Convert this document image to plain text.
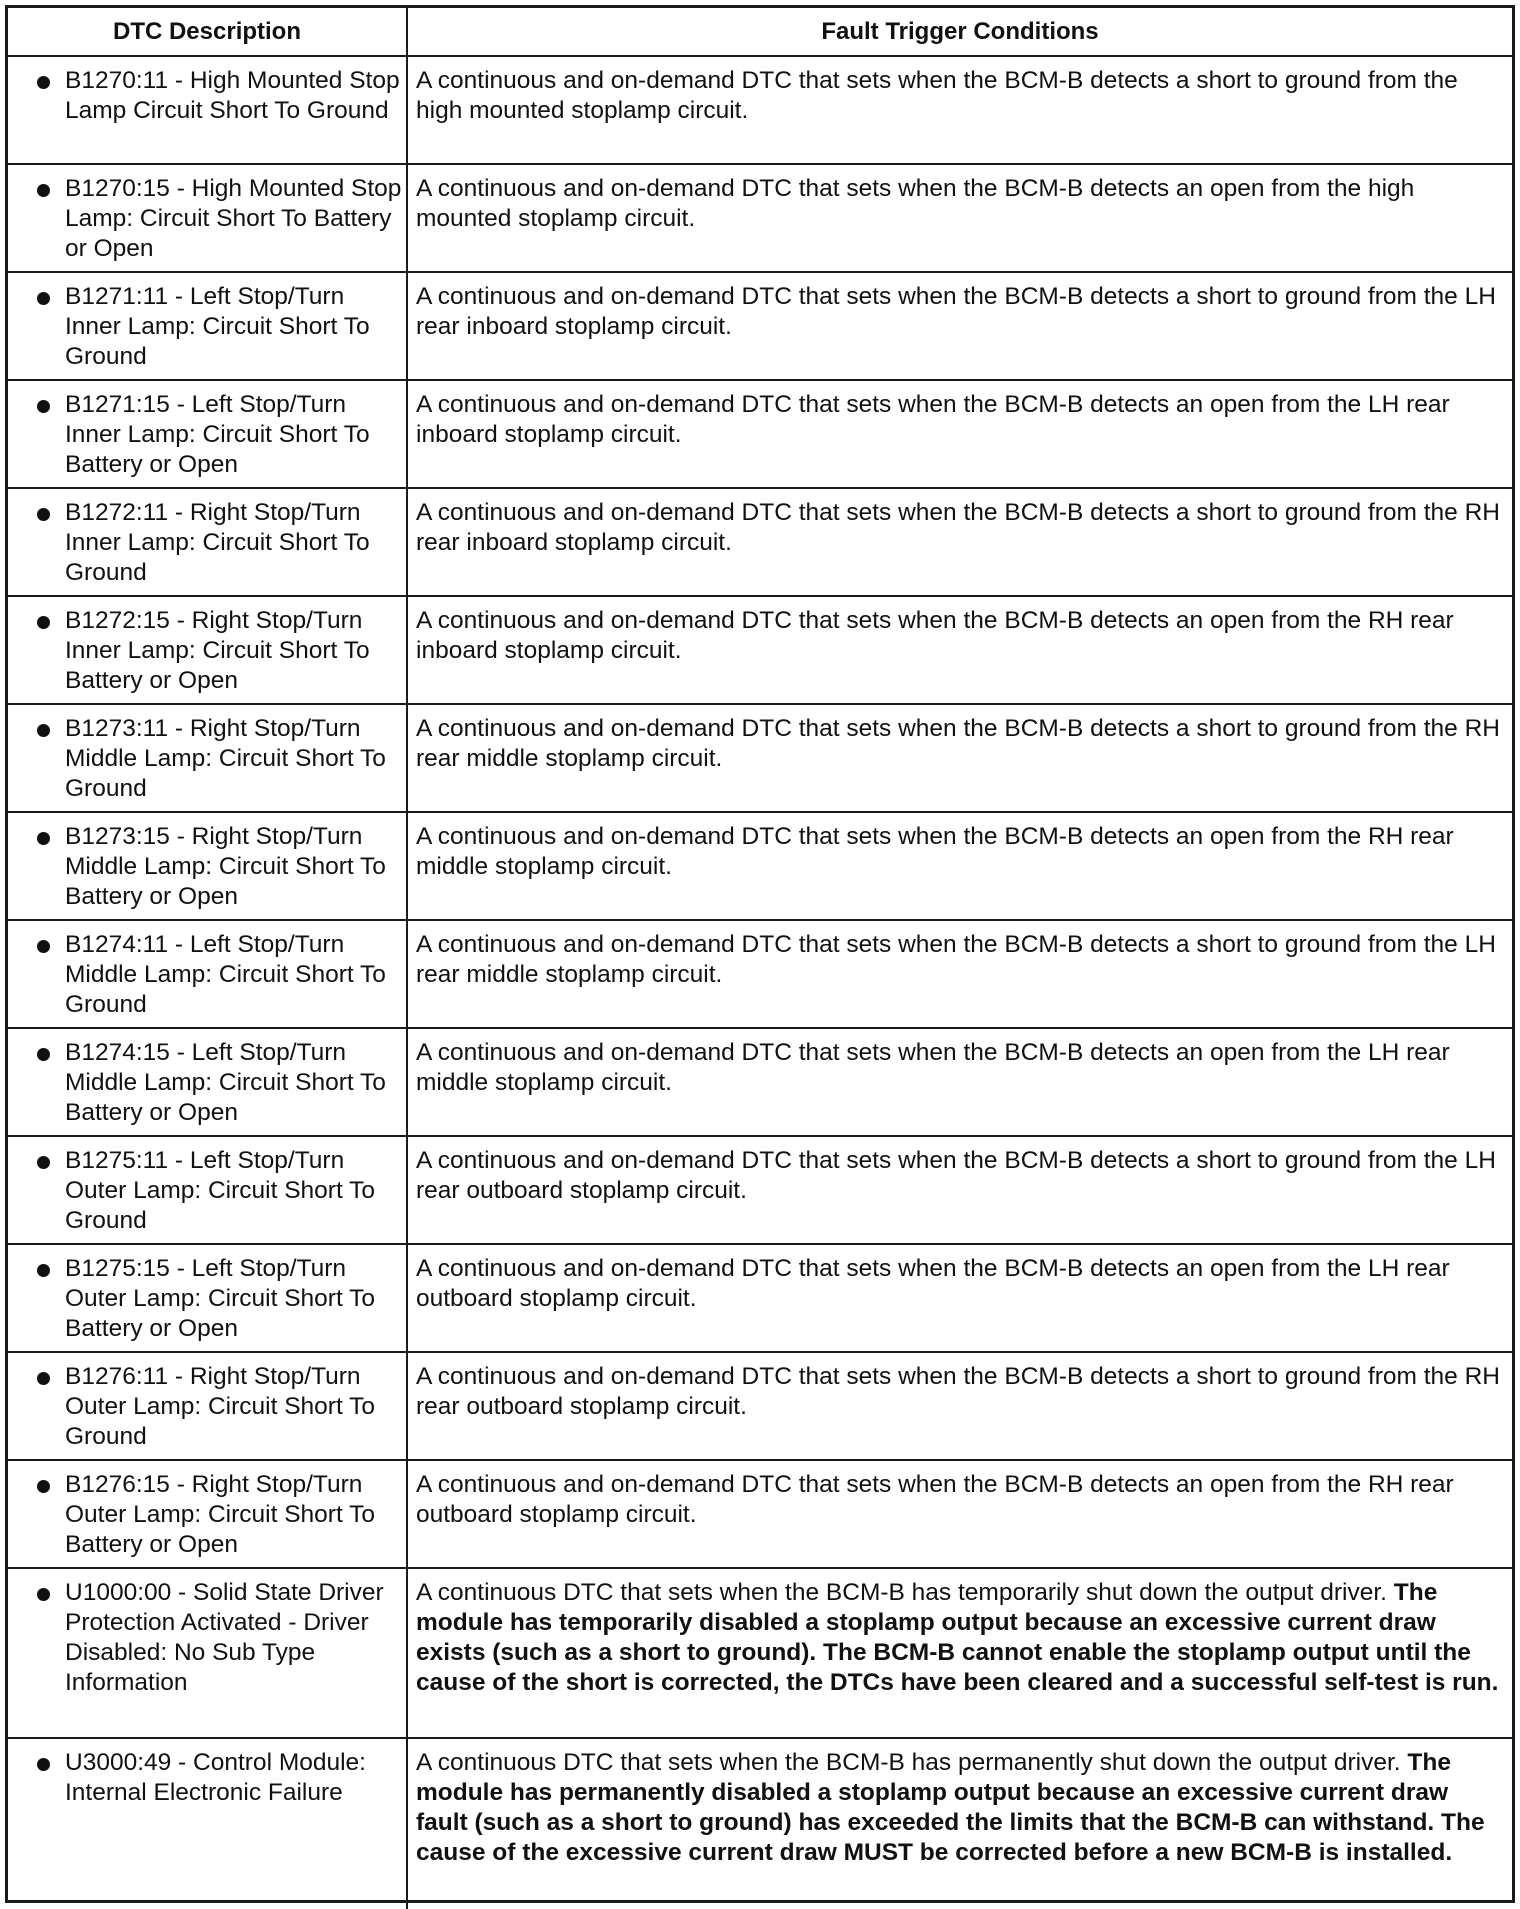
DTC Description	Fault Trigger Conditions

B1270:11 - High Mounted Stop Lamp Circuit Short To Ground	A continuous and on-demand DTC that sets when the BCM-B detects a short to ground from the high mounted stoplamp circuit.

B1270:15 - High Mounted Stop Lamp: Circuit Short To Battery or Open	A continuous and on-demand DTC that sets when the BCM-B detects an open from the high mounted stoplamp circuit.

B1271:11 - Left Stop/Turn Inner Lamp: Circuit Short To Ground	A continuous and on-demand DTC that sets when the BCM-B detects a short to ground from the LH rear inboard stoplamp circuit.

B1271:15 - Left Stop/Turn Inner Lamp: Circuit Short To Battery or Open	A continuous and on-demand DTC that sets when the BCM-B detects an open from the LH rear inboard stoplamp circuit.

B1272:11 - Right Stop/Turn Inner Lamp: Circuit Short To Ground	A continuous and on-demand DTC that sets when the BCM-B detects a short to ground from the RH rear inboard stoplamp circuit.

B1272:15 - Right Stop/Turn Inner Lamp: Circuit Short To Battery or Open	A continuous and on-demand DTC that sets when the BCM-B detects an open from the RH rear inboard stoplamp circuit.

B1273:11 - Right Stop/Turn Middle Lamp: Circuit Short To Ground	A continuous and on-demand DTC that sets when the BCM-B detects a short to ground from the RH rear middle stoplamp circuit.

B1273:15 - Right Stop/Turn Middle Lamp: Circuit Short To Battery or Open	A continuous and on-demand DTC that sets when the BCM-B detects an open from the RH rear middle stoplamp circuit.

B1274:11 - Left Stop/Turn Middle Lamp: Circuit Short To Ground	A continuous and on-demand DTC that sets when the BCM-B detects a short to ground from the LH rear middle stoplamp circuit.

B1274:15 - Left Stop/Turn Middle Lamp: Circuit Short To Battery or Open	A continuous and on-demand DTC that sets when the BCM-B detects an open from the LH rear middle stoplamp circuit.

B1275:11 - Left Stop/Turn Outer Lamp: Circuit Short To Ground	A continuous and on-demand DTC that sets when the BCM-B detects a short to ground from the LH rear outboard stoplamp circuit.

B1275:15 - Left Stop/Turn Outer Lamp: Circuit Short To Battery or Open	A continuous and on-demand DTC that sets when the BCM-B detects an open from the LH rear outboard stoplamp circuit.

B1276:11 - Right Stop/Turn Outer Lamp: Circuit Short To Ground	A continuous and on-demand DTC that sets when the BCM-B detects a short to ground from the RH rear outboard stoplamp circuit.

B1276:15 - Right Stop/Turn Outer Lamp: Circuit Short To Battery or Open	A continuous and on-demand DTC that sets when the BCM-B detects an open from the RH rear outboard stoplamp circuit.

U1000:00 - Solid State Driver Protection Activated - Driver Disabled: No Sub Type Information	A continuous DTC that sets when the BCM-B has temporarily shut down the output driver. The module has temporarily disabled a stoplamp output because an excessive current draw exists (such as a short to ground). The BCM-B cannot enable the stoplamp output until the cause of the short is corrected, the DTCs have been cleared and a successful self-test is run.

U3000:49 - Control Module: Internal Electronic Failure	A continuous DTC that sets when the BCM-B has permanently shut down the output driver. The module has permanently disabled a stoplamp output because an excessive current draw fault (such as a short to ground) has exceeded the limits that the BCM-B can withstand. The cause of the excessive current draw MUST be corrected before a new BCM-B is installed.
